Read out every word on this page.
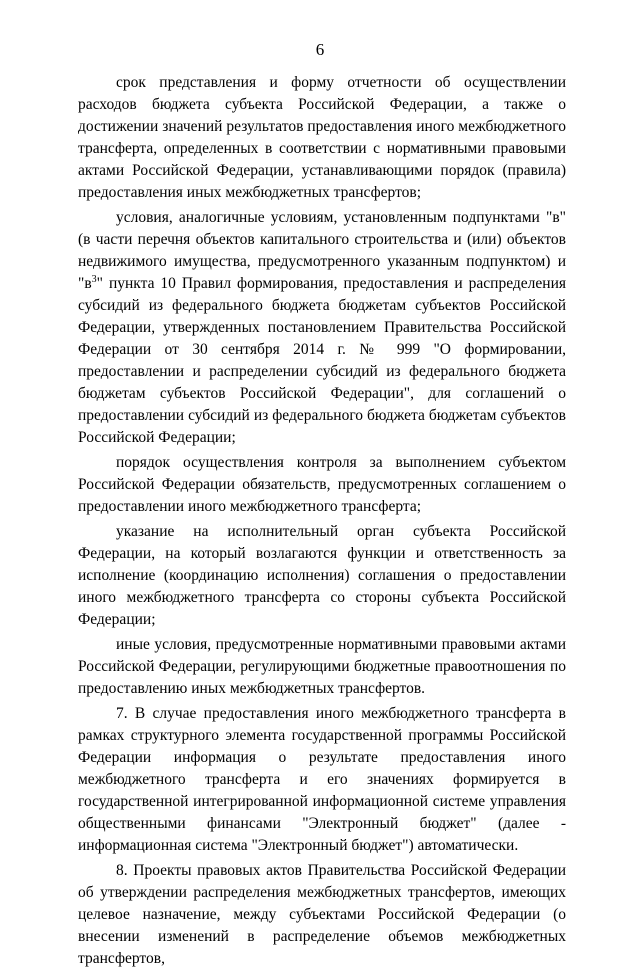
6

срок представления и форму отчетности об осуществлении расходов бюджета субъекта Российской Федерации, а также о достижении значений результатов предоставления иного межбюджетного трансферта, определенных в соответствии с нормативными правовыми актами Российской Федерации, устанавливающими порядок (правила) предоставления иных межбюджетных трансфертов;

условия, аналогичные условиям, установленным подпунктами "в" (в части перечня объектов капитального строительства и (или) объектов недвижимого имущества, предусмотренного указанным подпунктом) и "$в^3$" пункта 10 Правил формирования, предоставления и распределения субсидий из федерального бюджета бюджетам субъектов Российской Федерации, утвержденных постановлением Правительства Российской Федерации от 30 сентября 2014 г. № 999 "О формировании, предоставлении и распределении субсидий из федерального бюджета бюджетам субъектов Российской Федерации", для соглашений о предоставлении субсидий из федерального бюджета бюджетам субъектов Российской Федерации;

порядок осуществления контроля за выполнением субъектом Российской Федерации обязательств, предусмотренных соглашением о предоставлении иного межбюджетного трансферта;

указание на исполнительный орган субъекта Российской Федерации, на который возлагаются функции и ответственность за исполнение (координацию исполнения) соглашения о предоставлении иного межбюджетного трансферта со стороны субъекта Российской Федерации;

иные условия, предусмотренные нормативными правовыми актами Российской Федерации, регулирующими бюджетные правоотношения по предоставлению иных межбюджетных трансфертов.

7. В случае предоставления иного межбюджетного трансферта в рамках структурного элемента государственной программы Российской Федерации информация о результате предоставления иного межбюджетного трансферта и его значениях формируется в государственной интегрированной информационной системе управления общественными финансами "Электронный бюджет" (далее - информационная система "Электронный бюджет") автоматически.

8. Проекты правовых актов Правительства Российской Федерации об утверждении распределения межбюджетных трансфертов, имеющих целевое назначение, между субъектами Российской Федерации (о внесении изменений в распределение объемов межбюджетных трансфертов,
